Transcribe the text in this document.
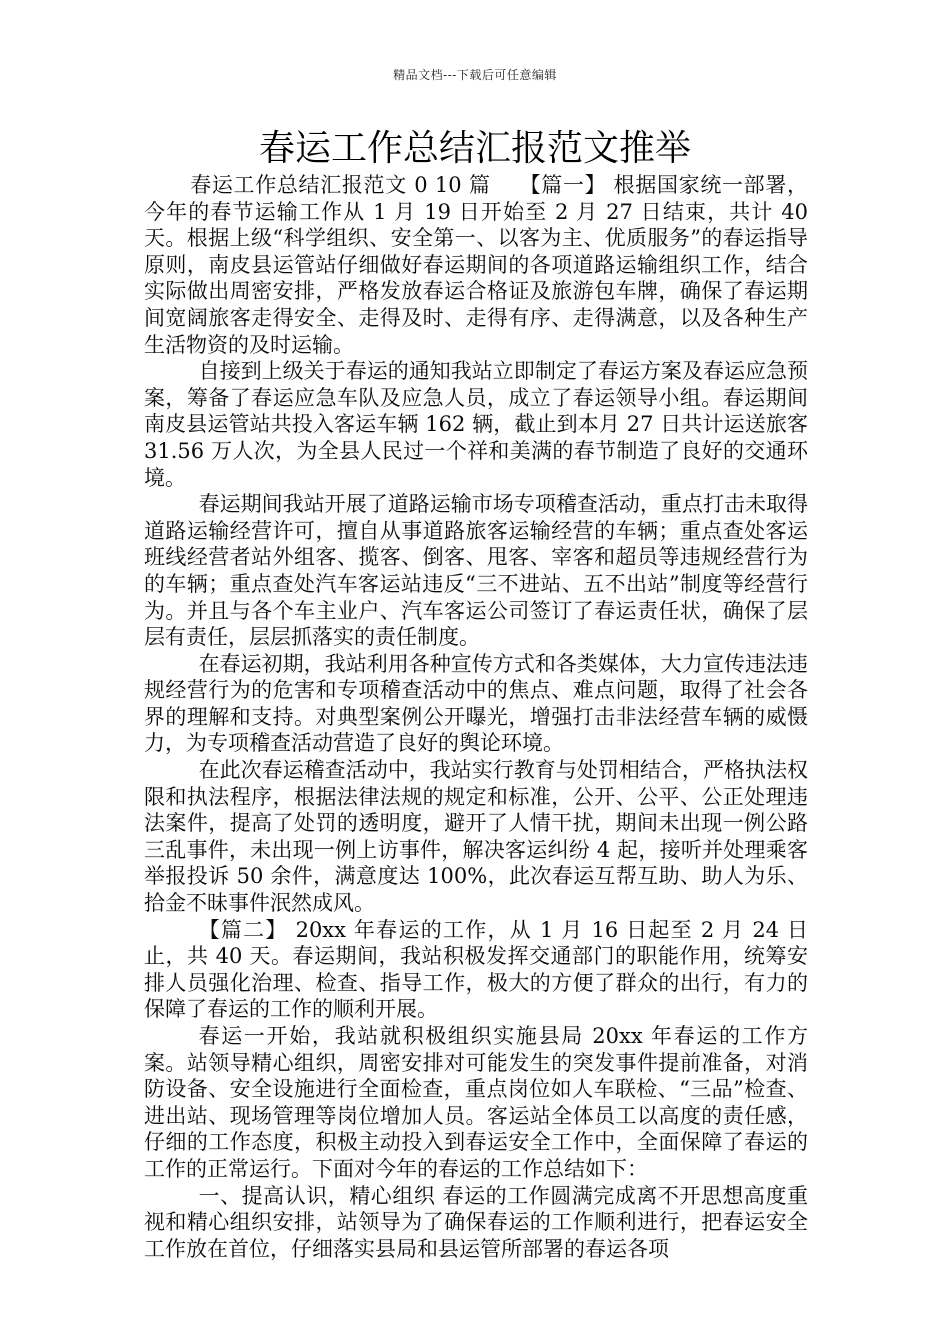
精品文档---下载后可任意编辑
春运工作总结汇报范文推举

春运工作总结汇报范文 0 10 篇　 【篇一】 根据国家统一部署，今年的春节运输工作从 1 月 19 日开始至 2 月 27 日结束，共计 40 天。根据上级“科学组织、安全第一、以客为主、优质服务”的春运指导原则，南皮县运管站仔细做好春运期间的各项道路运输组织工作，结合实际做出周密安排，严格发放春运合格证及旅游包车牌，确保了春运期间宽阔旅客走得安全、走得及时、走得有序、走得满意，以及各种生产生活物资的及时运输。

自接到上级关于春运的通知我站立即制定了春运方案及春运应急预案，筹备了春运应急车队及应急人员，成立了春运领导小组。春运期间南皮县运管站共投入客运车辆 162 辆，截止到本月 27 日共计运送旅客 31.56 万人次，为全县人民过一个祥和美满的春节制造了良好的交通环境。

春运期间我站开展了道路运输市场专项稽查活动，重点打击未取得道路运输经营许可，擅自从事道路旅客运输经营的车辆；重点查处客运班线经营者站外组客、揽客、倒客、甩客、宰客和超员等违规经营行为的车辆；重点查处汽车客运站违反“三不进站、五不出站”制度等经营行为。并且与各个车主业户、汽车客运公司签订了春运责任状，确保了层层有责任，层层抓落实的责任制度。

在春运初期，我站利用各种宣传方式和各类媒体，大力宣传违法违规经营行为的危害和专项稽查活动中的焦点、难点问题，取得了社会各界的理解和支持。对典型案例公开曝光，增强打击非法经营车辆的威慑力，为专项稽查活动营造了良好的舆论环境。

在此次春运稽查活动中，我站实行教育与处罚相结合，严格执法权限和执法程序，根据法律法规的规定和标准，公开、公平、公正处理违法案件，提高了处罚的透明度，避开了人情干扰，期间未出现一例公路三乱事件，未出现一例上访事件，解决客运纠纷 4 起，接听并处理乘客举报投诉 50 余件，满意度达 100%，此次春运互帮互助、助人为乐、拾金不昧事件泯然成风。

【篇二】 20xx 年春运的工作，从 1 月 16 日起至 2 月 24 日止，共 40 天。春运期间，我站积极发挥交通部门的职能作用，统筹安排人员强化治理、检查、指导工作，极大的方便了群众的出行，有力的保障了春运的工作的顺利开展。

春运一开始，我站就积极组织实施县局 20xx 年春运的工作方案。站领导精心组织，周密安排对可能发生的突发事件提前准备，对消防设备、安全设施进行全面检查，重点岗位如人车联检、“三品”检查、进出站、现场管理等岗位增加人员。客运站全体员工以高度的责任感，仔细的工作态度，积极主动投入到春运安全工作中，全面保障了春运的工作的正常运行。下面对今年的春运的工作总结如下：

一、提高认识，精心组织 春运的工作圆满完成离不开思想高度重视和精心组织安排，站领导为了确保春运的工作顺利进行，把春运安全工作放在首位，仔细落实县局和县运管所部署的春运各项
